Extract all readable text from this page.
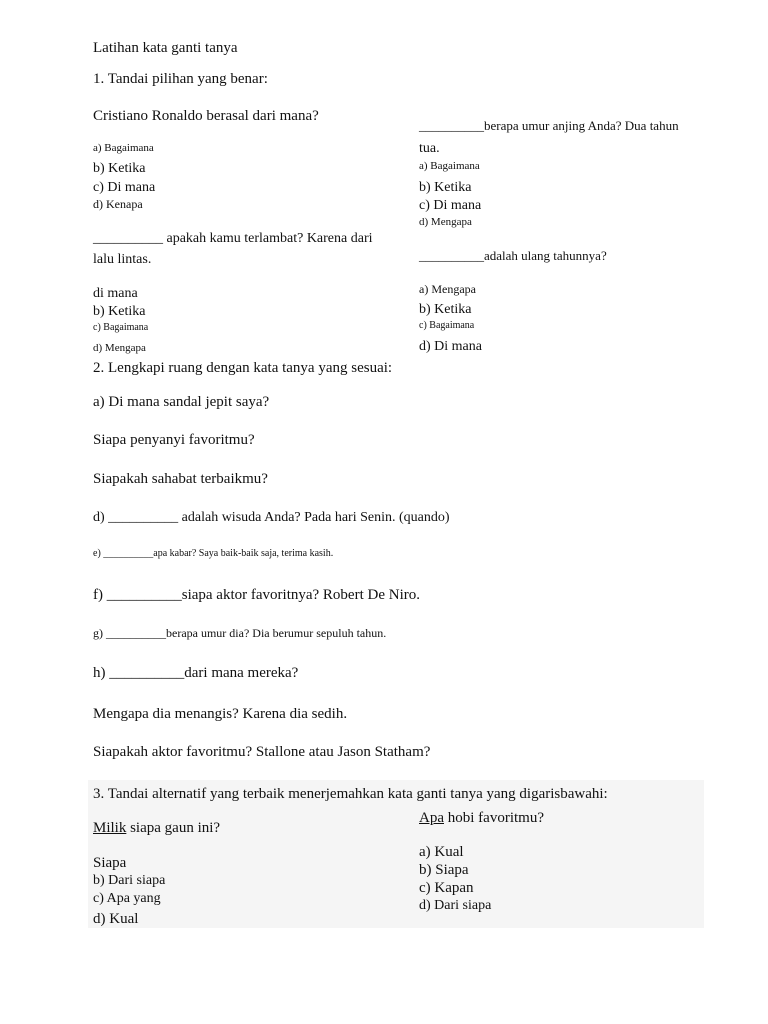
Latihan kata ganti tanya
1. Tandai pilihan yang benar:
Cristiano Ronaldo berasal dari mana?
a) Bagaimana
b) Ketika
c) Di mana
d) Kenapa
__________ apakah kamu terlambat? Karena dari
lalu lintas.
di mana
b) Ketika
c) Bagaimana
d) Mengapa
__________berapa umur anjing Anda? Dua tahun
tua.
a) Bagaimana
b) Ketika
c) Di mana
d) Mengapa
__________adalah ulang tahunnya?
a) Mengapa
b) Ketika
c) Bagaimana
d) Di mana
2. Lengkapi ruang dengan kata tanya yang sesuai:
a) Di mana sandal jepit saya?
Siapa penyanyi favoritmu?
Siapakah sahabat terbaikmu?
d) __________ adalah wisuda Anda? Pada hari Senin. (quando)
e) __________apa kabar? Saya baik-baik saja, terima kasih.
f) __________siapa aktor favoritnya? Robert De Niro.
g) __________berapa umur dia? Dia berumur sepuluh tahun.
h) __________dari mana mereka?
Mengapa dia menangis? Karena dia sedih.
Siapakah aktor favoritmu? Stallone atau Jason Statham?
3. Tandai alternatif yang terbaik menerjemahkan kata ganti tanya yang digarisbawahi:
Milik siapa gaun ini?
Siapa
b) Dari siapa
c) Apa yang
d) Kual
Apa hobi favoritmu?
a) Kual
b) Siapa
c) Kapan
d) Dari siapa
